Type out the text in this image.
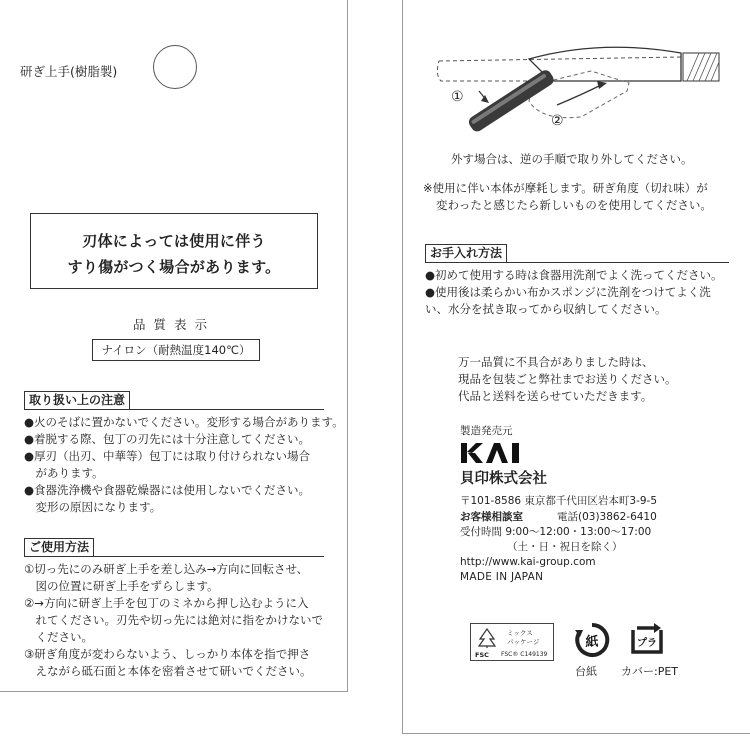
研ぎ上手(樹脂製)
刃体によっては使用に伴う
すり傷がつく場合があります。
品質表示
ナイロン（耐熱温度140℃）
取り扱い上の注意
●火のそばに置かないでください。変形する場合があります。
●着脱する際、包丁の刃先には十分注意してください。
●厚刃（出刃、中華等）包丁には取り付けられない場合
　があります。
●食器洗浄機や食器乾燥器には使用しないでください。
　変形の原因になります。
ご使用方法
①切っ先にのみ研ぎ上手を差し込み→方向に回転させ、
　図の位置に研ぎ上手をずらします。
②→方向に研ぎ上手を包丁のミネから押し込むように入
　れてください。刃先や切っ先には絶対に指をかけないで
　ください。
③研ぎ角度が変わらないよう、しっかり本体を指で押さ
　えながら砥石面と本体を密着させて研いでください。
①
②
外す場合は、逆の手順で取り外してください。
※使用に伴い本体が摩耗します。研ぎ角度（切れ味）が
変わったと感じたら新しいものを使用してください。
お手入れ方法
●初めて使用する時は食器用洗剤でよく洗ってください。
●使用後は柔らかい布かスポンジに洗剤をつけてよく洗
い、水分を拭き取ってから収納してください。
万一品質に不具合がありました時は、
現品を包装ごと弊社までお送りください。
代品と送料を送らせていただきます。
製造発売元
貝印株式会社
〒101-8586 東京都千代田区岩本町3-9-5
お客様相談室	電話(03)3862-6410
受付時間 9:00〜12:00・13:00〜17:00
（土・日・祝日を除く）
http://www.kai-group.com
MADE IN JAPAN
FSC
ミックス
パッケージ
FSC® C149139
紙
台紙
プラ
カバー:PET
